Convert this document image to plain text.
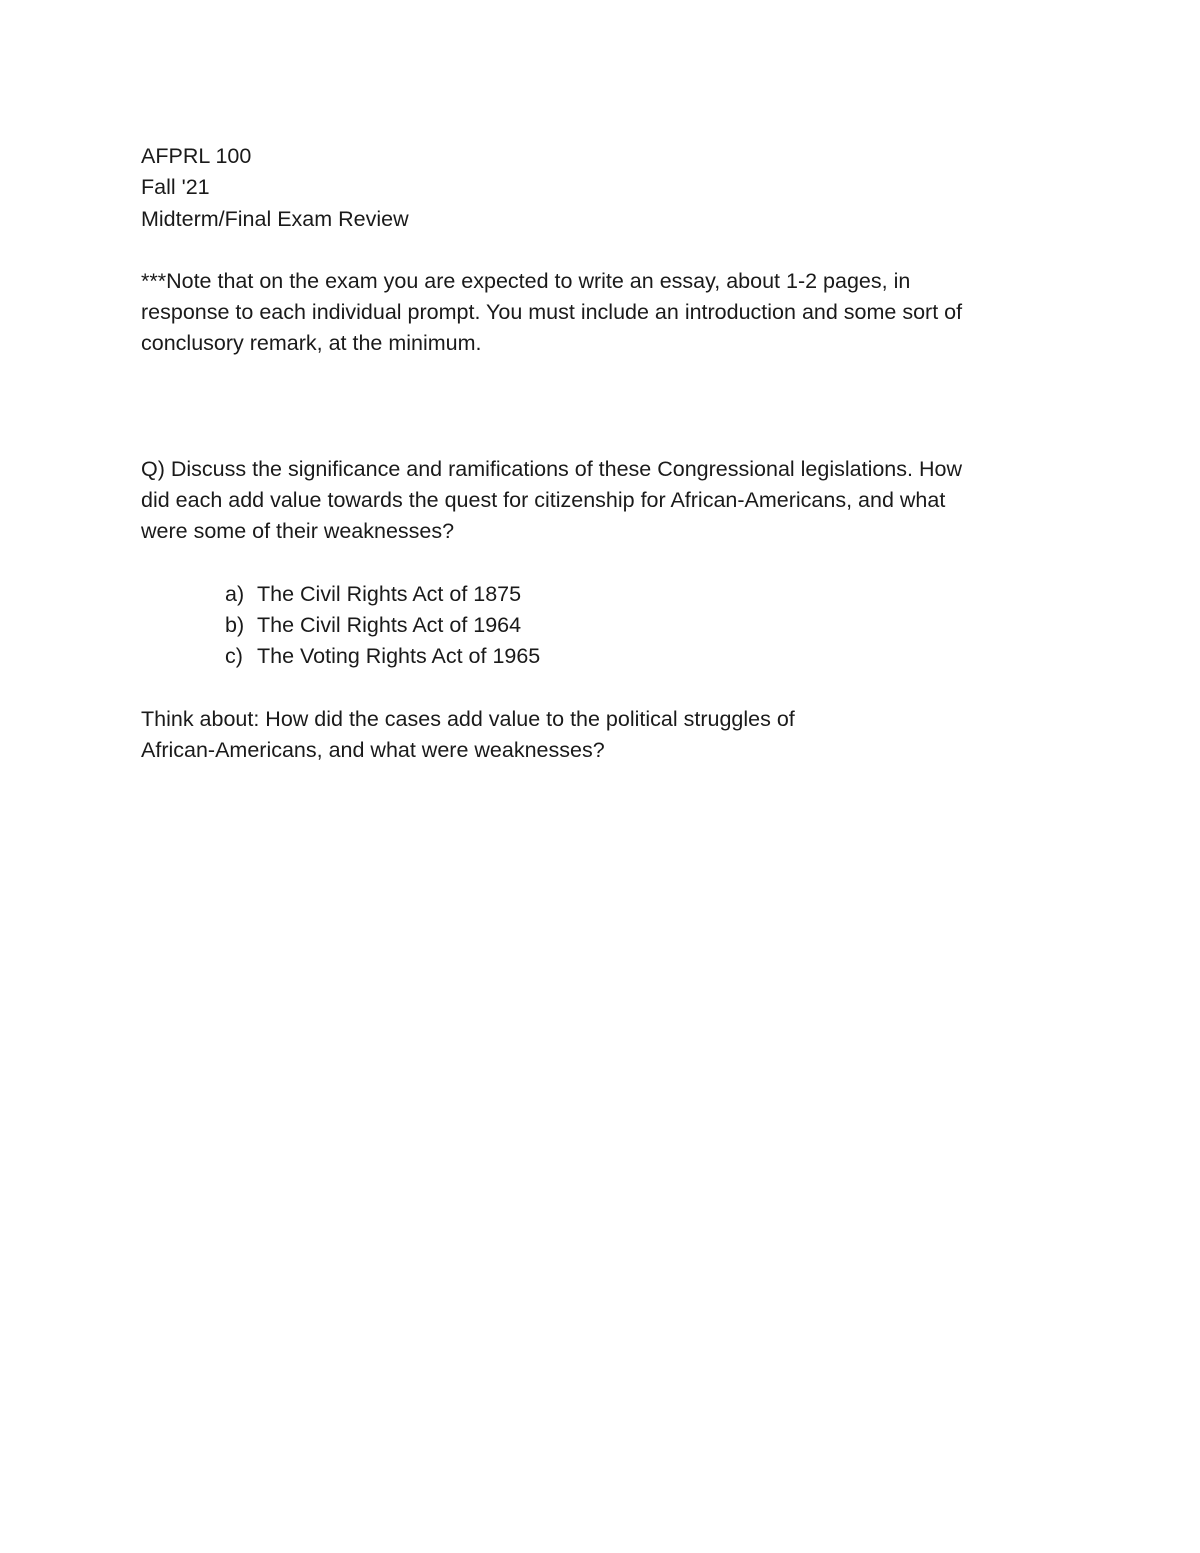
AFPRL 100
Fall '21
Midterm/Final Exam Review

***Note that on the exam you are expected to write an essay, about 1-2 pages, in
response to each individual prompt. You must include an introduction and some sort of
conclusory remark, at the minimum.

Q) Discuss the significance and ramifications of these Congressional legislations. How
did each add value towards the quest for citizenship for African-Americans, and what
were some of their weaknesses?

a) The Civil Rights Act of 1875
b) The Civil Rights Act of 1964
c) The Voting Rights Act of 1965

Think about: How did the cases add value to the political struggles of
African-Americans, and what were weaknesses?
